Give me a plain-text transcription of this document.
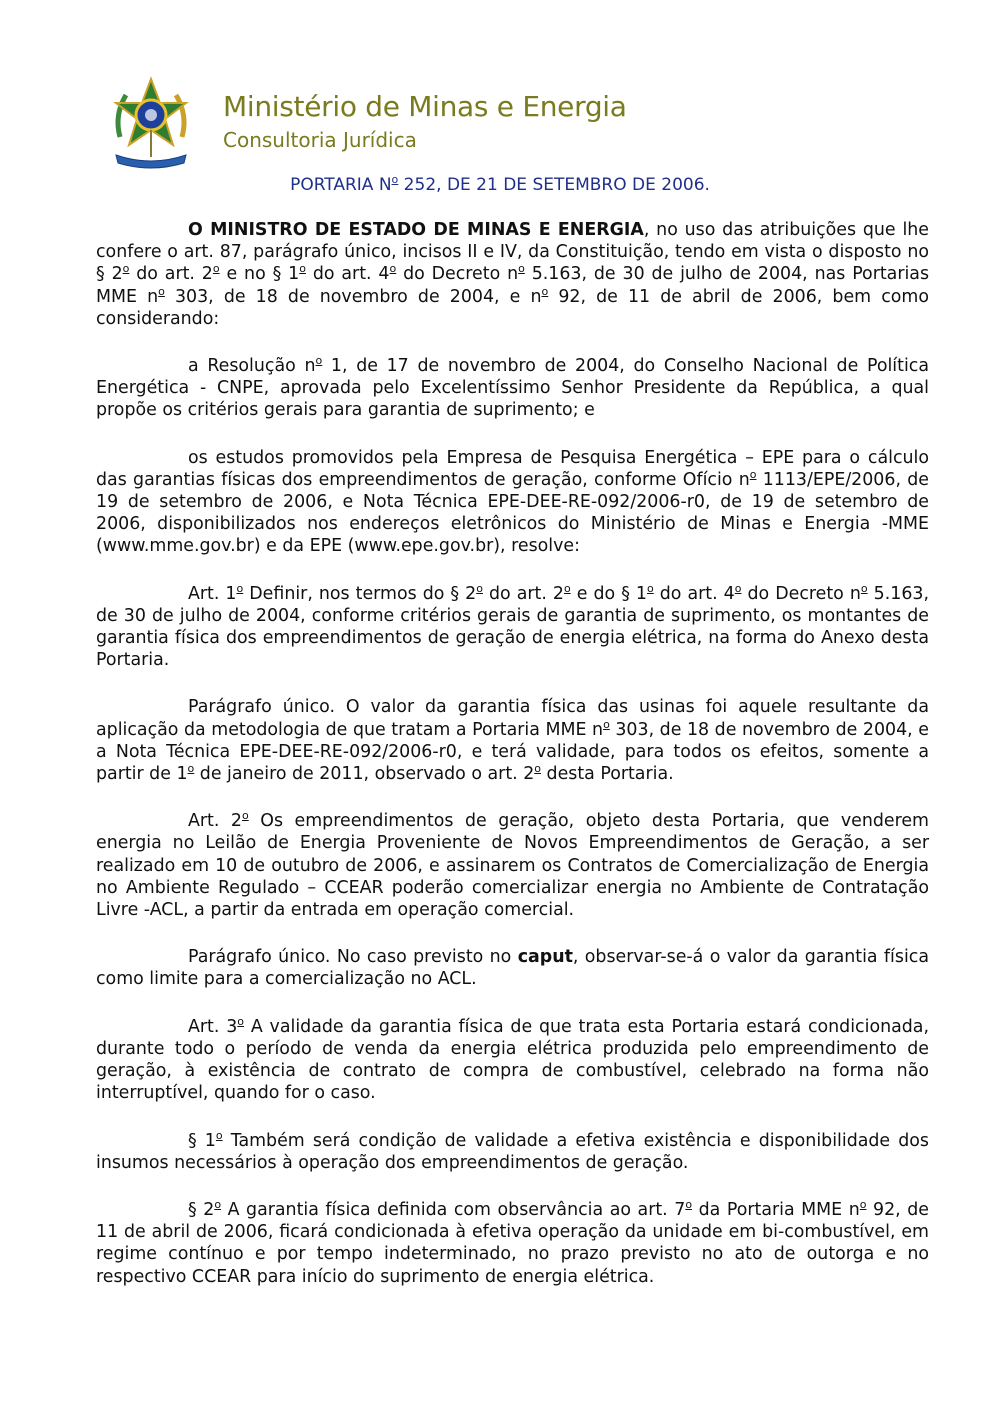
Ministério de Minas e Energia
Consultoria Jurídica
PORTARIA $N^o$ 252, DE 21 DE SETEMBRO DE 2006.

O MINISTRO DE ESTADO DE MINAS E ENERGIA, no uso das atribuições que lhe confere o art. 87, parágrafo único, incisos II e IV, da Constituição, tendo em vista o disposto no § 2$^o$ do art. 2$^o$ e no § 1$^o$ do art. 4$^o$ do Decreto $n^o$ 5.163, de 30 de julho de 2004, nas Portarias MME $n^o$ 303, de 18 de novembro de 2004, e $n^o$ 92, de 11 de abril de 2006, bem como considerando:

a Resolução $n^o$ 1, de 17 de novembro de 2004, do Conselho Nacional de Política Energética - CNPE, aprovada pelo Excelentíssimo Senhor Presidente da República, a qual propõe os critérios gerais para garantia de suprimento; e

os estudos promovidos pela Empresa de Pesquisa Energética – EPE para o cálculo das garantias físicas dos empreendimentos de geração, conforme Ofício $n^o$ 1113/EPE/2006, de 19 de setembro de 2006, e Nota Técnica EPE-DEE-RE-092/2006-r0, de 19 de setembro de 2006, disponibilizados nos endereços eletrônicos do Ministério de Minas e Energia -MME (www.mme.gov.br) e da EPE (www.epe.gov.br), resolve:

Art. 1$^o$ Definir, nos termos do § 2$^o$ do art. 2$^o$ e do § 1$^o$ do art. 4$^o$ do Decreto $n^o$ 5.163, de 30 de julho de 2004, conforme critérios gerais de garantia de suprimento, os montantes de garantia física dos empreendimentos de geração de energia elétrica, na forma do Anexo desta Portaria.

Parágrafo único. O valor da garantia física das usinas foi aquele resultante da aplicação da metodologia de que tratam a Portaria MME $n^o$ 303, de 18 de novembro de 2004, e a Nota Técnica EPE-DEE-RE-092/2006-r0, e terá validade, para todos os efeitos, somente a partir de 1$^o$ de janeiro de 2011, observado o art. 2$^o$ desta Portaria.

Art. 2$^o$ Os empreendimentos de geração, objeto desta Portaria, que venderem energia no Leilão de Energia Proveniente de Novos Empreendimentos de Geração, a ser realizado em 10 de outubro de 2006, e assinarem os Contratos de Comercialização de Energia no Ambiente Regulado – CCEAR poderão comercializar energia no Ambiente de Contratação Livre -ACL, a partir da entrada em operação comercial.

Parágrafo único. No caso previsto no caput, observar-se-á o valor da garantia física como limite para a comercialização no ACL.

Art. 3$^o$ A validade da garantia física de que trata esta Portaria estará condicionada, durante todo o período de venda da energia elétrica produzida pelo empreendimento de geração, à existência de contrato de compra de combustível, celebrado na forma não interruptível, quando for o caso.

§ 1$^o$ Também será condição de validade a efetiva existência e disponibilidade dos insumos necessários à operação dos empreendimentos de geração.

§ 2$^o$ A garantia física definida com observância ao art. 7$^o$ da Portaria MME $n^o$ 92, de 11 de abril de 2006, ficará condicionada à efetiva operação da unidade em bi-combustível, em regime contínuo e por tempo indeterminado, no prazo previsto no ato de outorga e no respectivo CCEAR para início do suprimento de energia elétrica.
